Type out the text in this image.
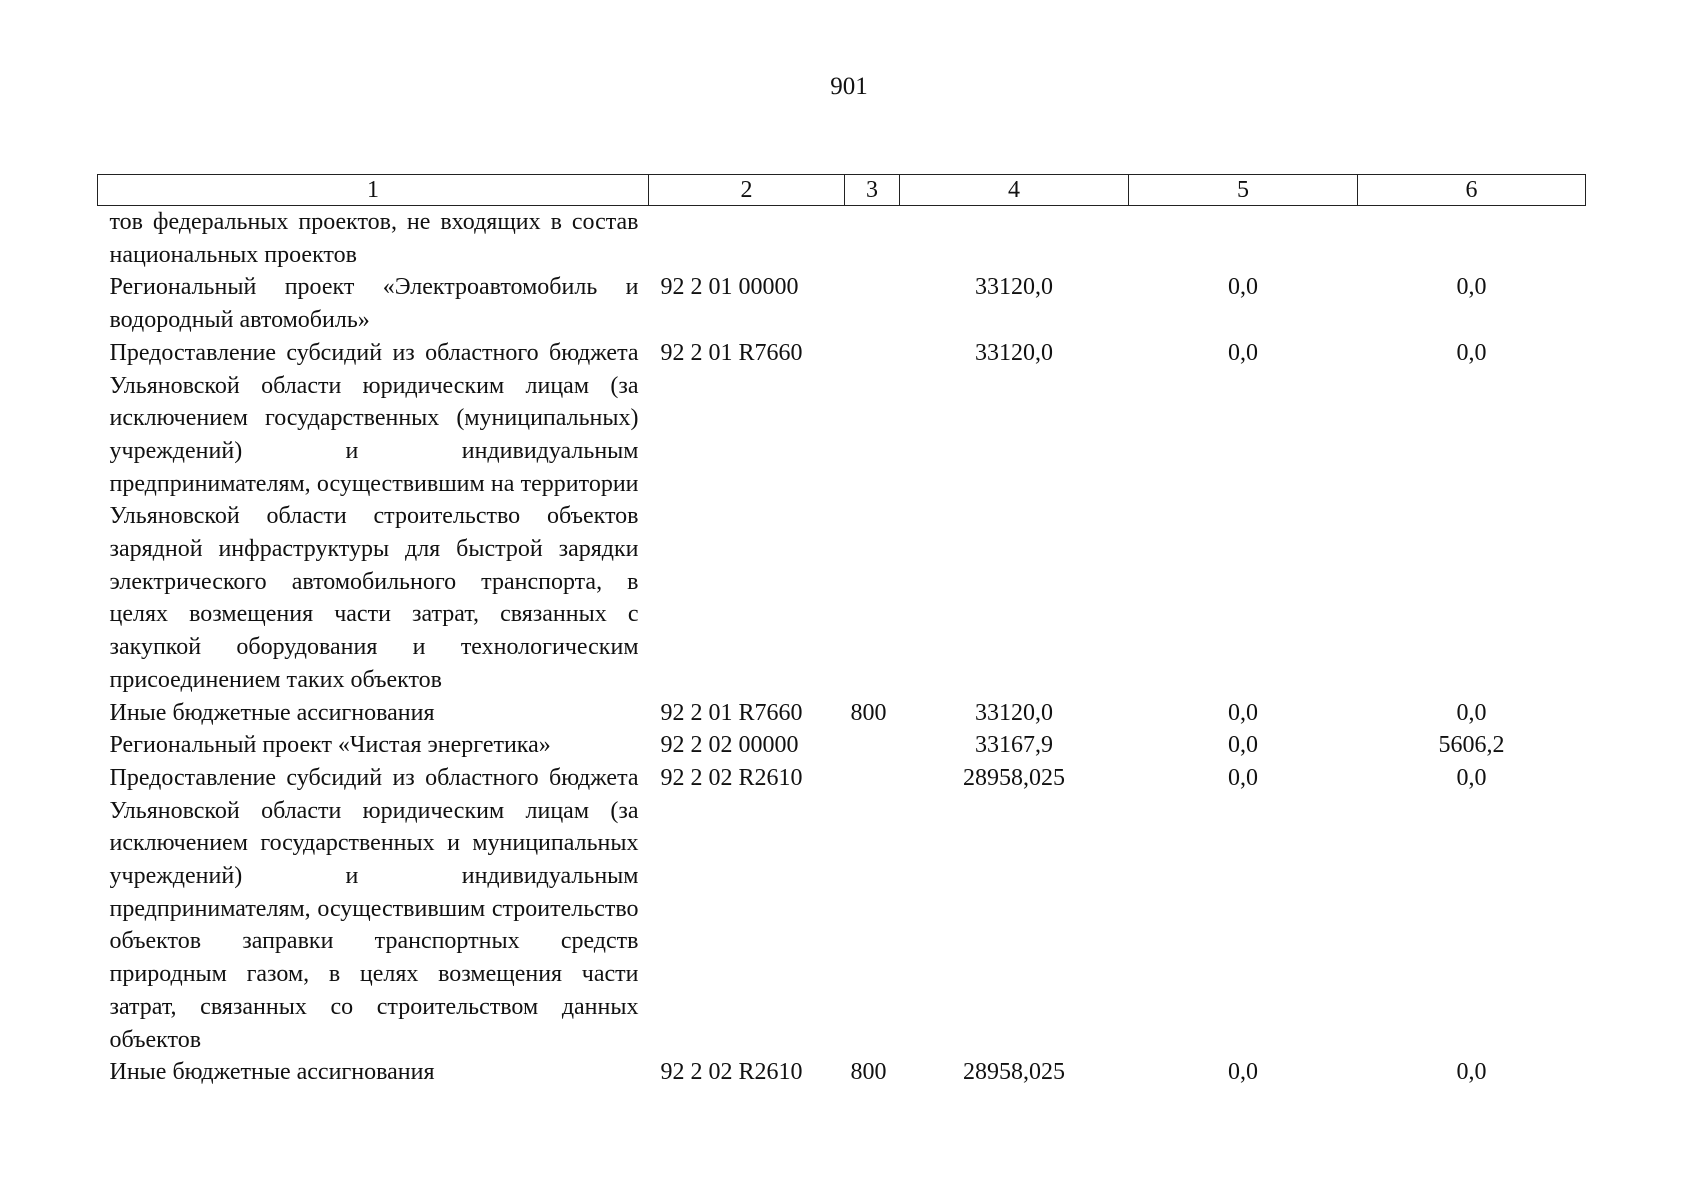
901
1	2	3	4	5	6
тов федеральных проектов, не входящих в состав национальных проектов					
Региональный проект «Электроавтомобиль и водородный автомобиль»	92 2 01 00000		33120,0	0,0	0,0
Предоставление субсидий из областного бюджета Ульяновской области юридическим лицам (за исключением государственных (муниципальных) учреждений) и индивидуальным предпринимателям, осуществившим на территории Ульяновской области строительство объектов зарядной инфраструктуры для быстрой зарядки электрического автомобильного транспорта, в целях возмещения части затрат, связанных с закупкой оборудования и технологическим присоединением таких объектов	92 2 01 R7660		33120,0	0,0	0,0
Иные бюджетные ассигнования	92 2 01 R7660	800	33120,0	0,0	0,0
Региональный проект «Чистая энергетика»	92 2 02 00000		33167,9	0,0	5606,2
Предоставление субсидий из областного бюджета Ульяновской области юридическим лицам (за исключением государственных и муниципальных учреждений) и индивидуальным предпринимателям, осуществившим строительство объектов заправки транспортных средств природным газом, в целях возмещения части затрат, связанных со строительством данных объектов	92 2 02 R2610		28958,025	0,0	0,0
Иные бюджетные ассигнования	92 2 02 R2610	800	28958,025	0,0	0,0
